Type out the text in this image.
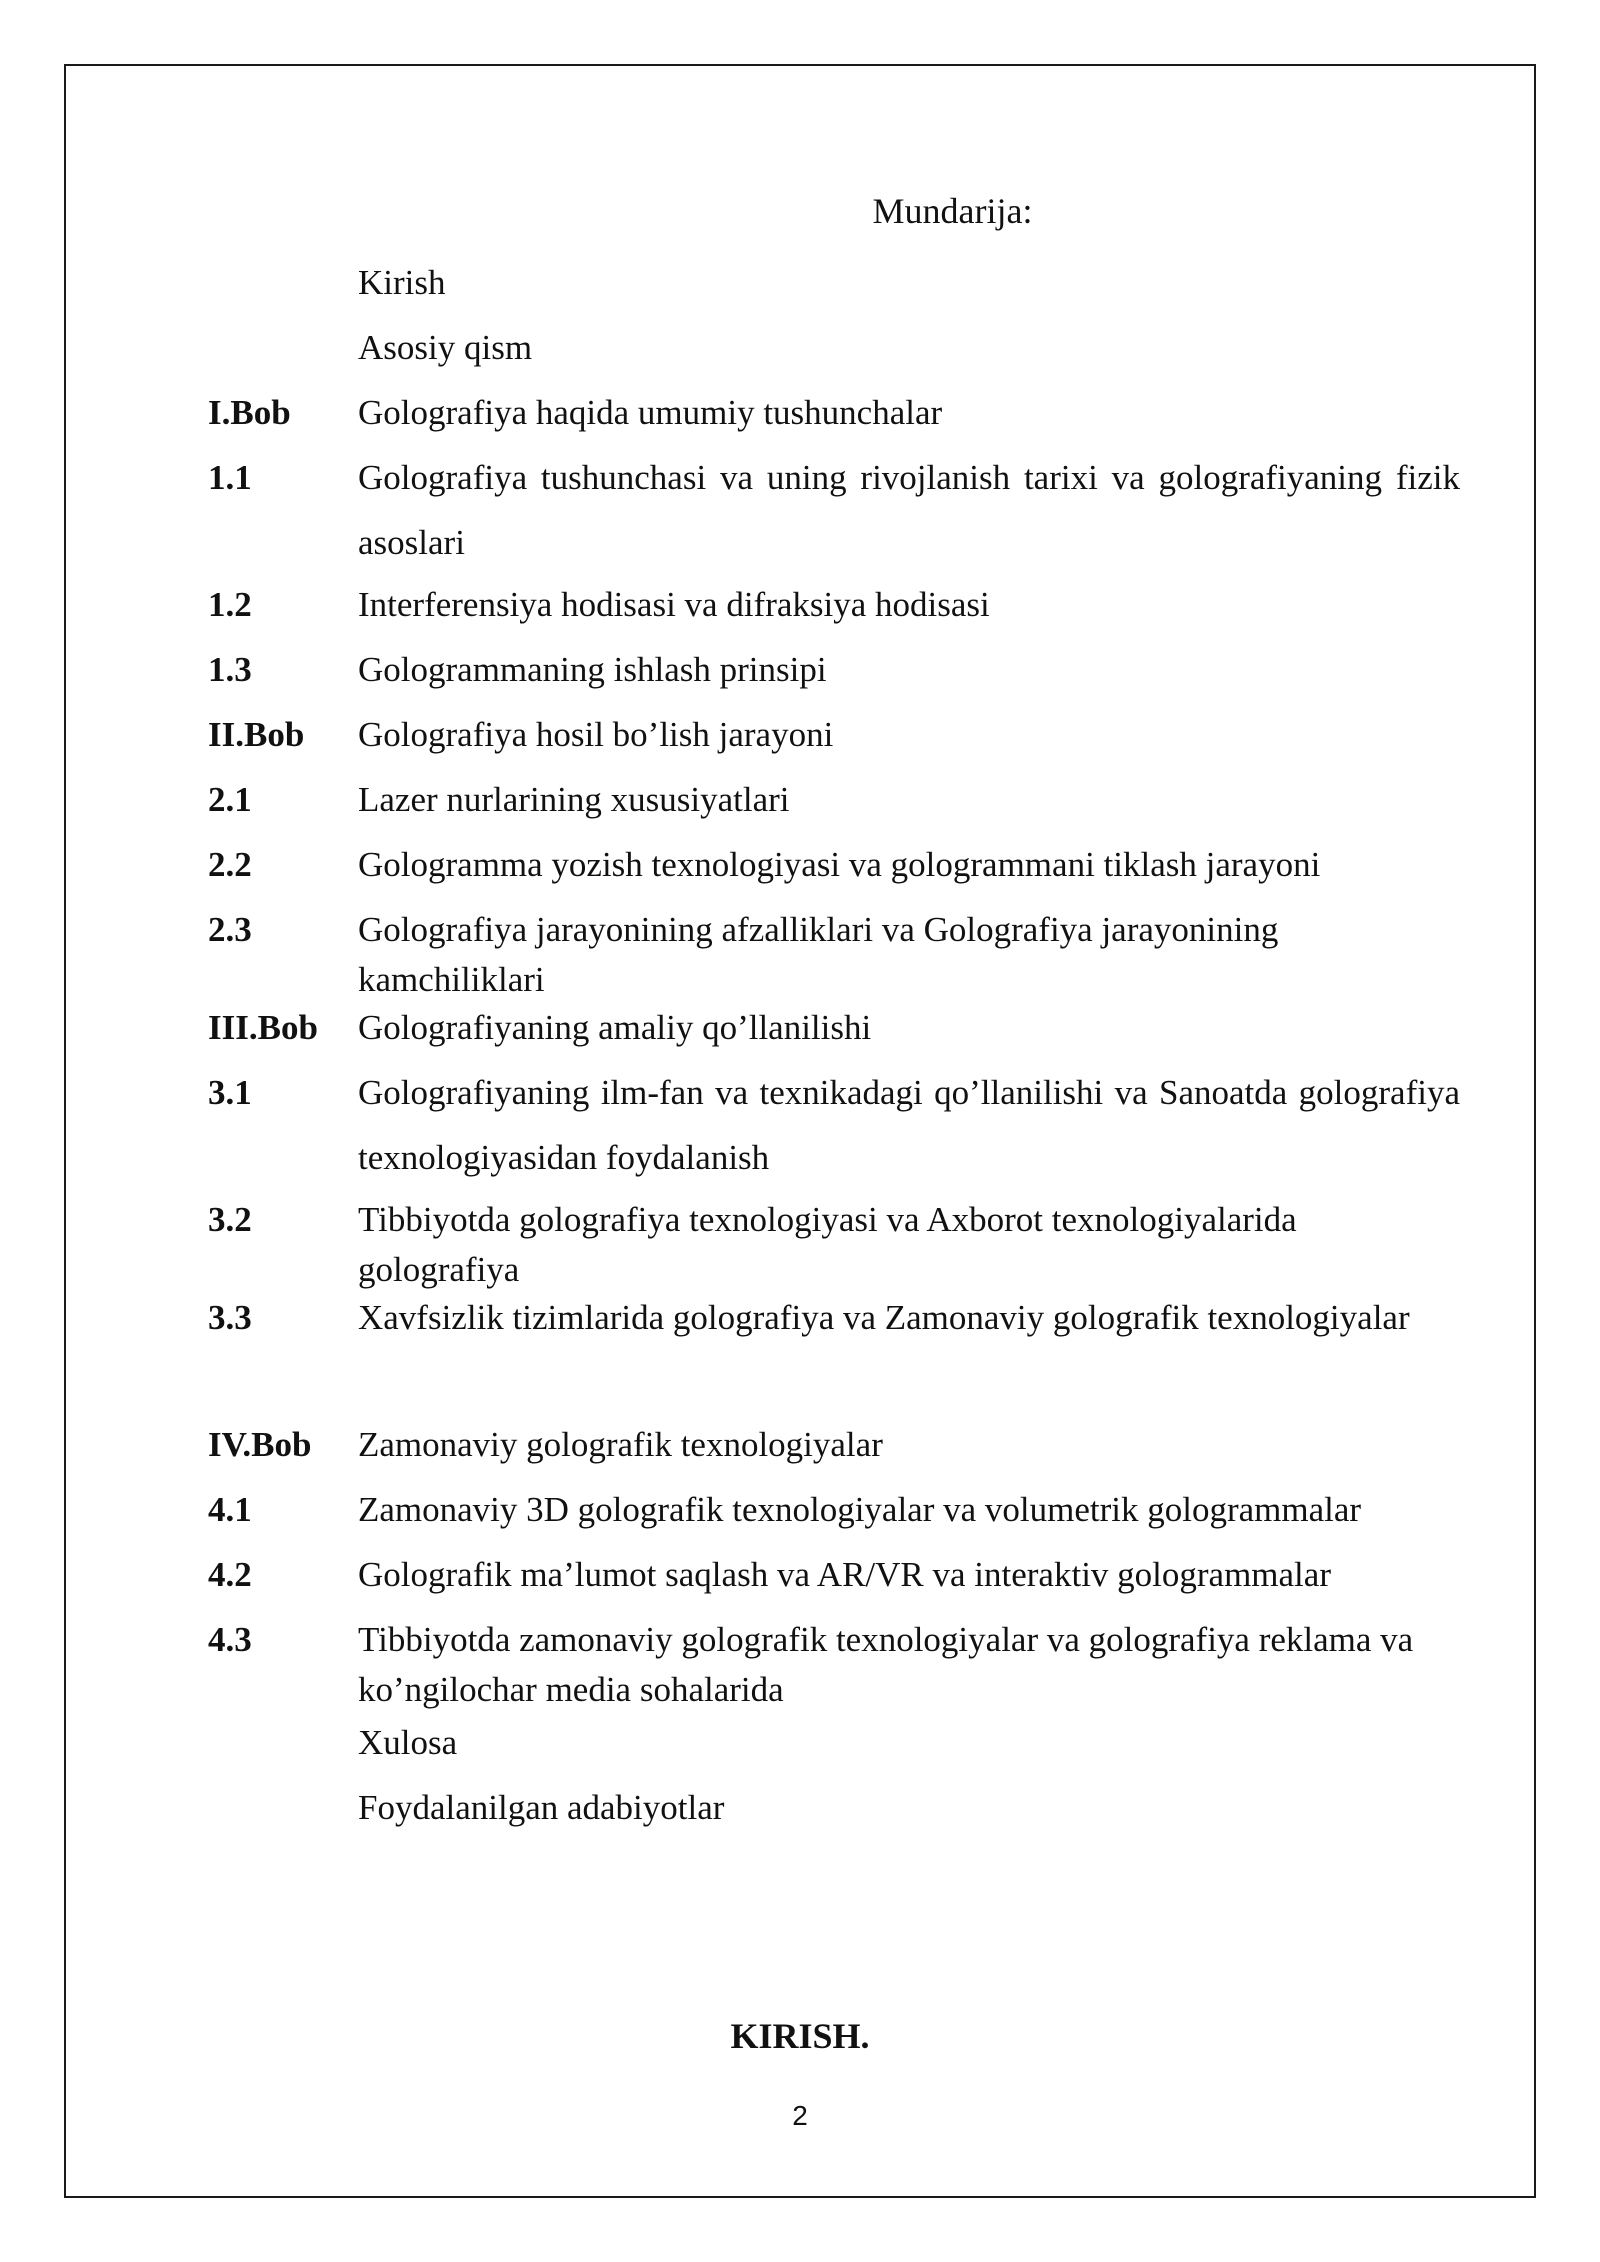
Mundarija:
Kirish
Asosiy qism
I.Bob Golografiya haqida umumiy tushunchalar
1.1	Golografiya tushunchasi va uning rivojlanish tarixi va golografiyaning fizik asoslari
1.2	Interferensiya hodisasi va difraksiya hodisasi
1.3	Gologrammaning ishlash prinsipi
II.Bob Golografiya hosil bo’lish jarayoni
2.1	Lazer nurlarining xususiyatlari
2.2	Gologramma yozish texnologiyasi va gologrammani tiklash jarayoni
2.3	Golografiya jarayonining afzalliklari va Golografiya jarayonining kamchiliklari
III.Bob Golografiyaning amaliy qo’llanilishi
3.1	Golografiyaning ilm-fan va texnikadagi qo’llanilishi va Sanoatda golografiya texnologiyasidan foydalanish
3.2	Tibbiyotda golografiya texnologiyasi va Axborot texnologiyalarida golografiya
3.3	Xavfsizlik tizimlarida golografiya va Zamonaviy golografik texnologiyalar
IV.Bob Zamonaviy golografik texnologiyalar
4.1	Zamonaviy 3D golografik texnologiyalar va volumetrik gologrammalar
4.2	Golografik ma’lumot saqlash va AR/VR va interaktiv gologrammalar
4.3	Tibbiyotda zamonaviy golografik texnologiyalar va golografiya reklama va ko’ngilochar media sohalarida
Xulosa
Foydalanilgan adabiyotlar
KIRISH.
2
